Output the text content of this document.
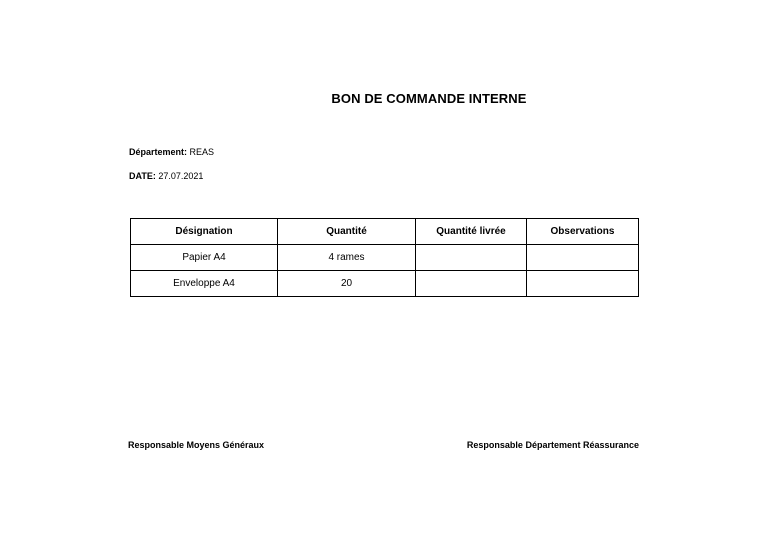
BON DE COMMANDE INTERNE
Département: REAS
DATE: 27.07.2021
Désignation	Quantité	Quantité livrée	Observations
Papier A4	4 rames		
Enveloppe A4	20		
Responsable Moyens Généraux	Responsable Département Réassurance
